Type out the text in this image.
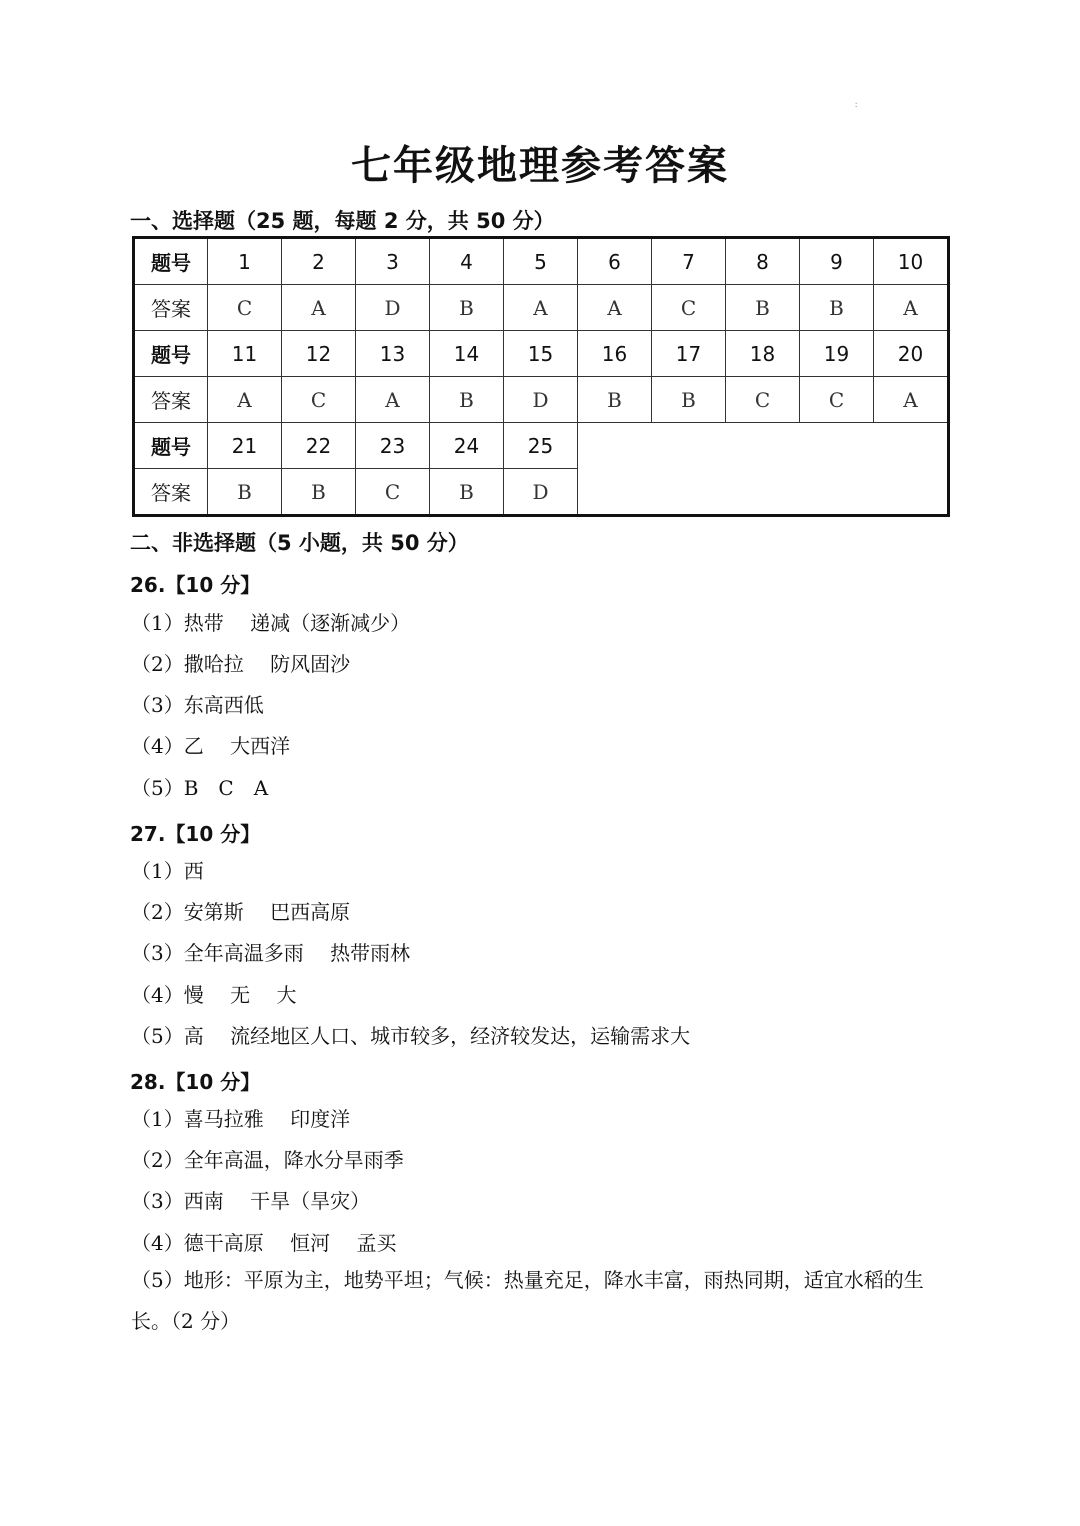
ː
七年级地理参考答案
一、选择题（25 题，每题 2 分，共 50 分）
题号	1	2	3	4	5	6	7	8	9	10
答案	C	A	D	B	A	A	C	B	B	A
题号	11	12	13	14	15	16	17	18	19	20
答案	A	C	A	B	D	B	B	C	C	A
题号	21	22	23	24	25					
答案	B	B	C	B	D					
二、非选择题（5 小题，共 50 分）
26.【10 分】
（1）热带　 递减（逐渐减少）
（2）撒哈拉　 防风固沙
（3）东高西低
（4）乙　 大西洋
（5）B　C　A
27.【10 分】
（1）西
（2）安第斯　 巴西高原
（3）全年高温多雨　 热带雨林
（4）慢　 无　 大
（5）高　 流经地区人口、城市较多，经济较发达，运输需求大
28.【10 分】
（1）喜马拉雅　 印度洋
（2）全年高温，降水分旱雨季
（3）西南　 干旱（旱灾）
（4）德干高原　 恒河　 孟买
（5）地形：平原为主，地势平坦；气候：热量充足，降水丰富，雨热同期，适宜水稻的生长。（2 分）
